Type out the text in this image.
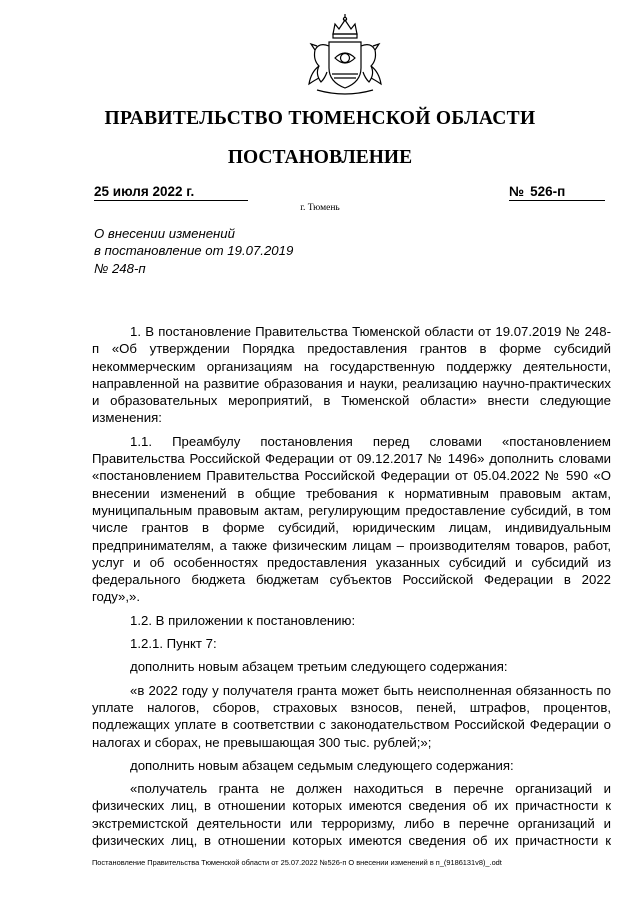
ПРАВИТЕЛЬСТВО ТЮМЕНСКОЙ ОБЛАСТИ
ПОСТАНОВЛЕНИЕ
25 июля 2022 г.	№ 526-п
г. Тюмень
О внесении изменений
в постановление от 19.07.2019
№ 248-п

1. В постановление Правительства Тюменской области от 19.07.2019 № 248-п «Об утверждении Порядка предоставления грантов в форме субсидий некоммерческим организациям на государственную поддержку деятельности, направленной на развитие образования и науки, реализацию научно-практических и образовательных мероприятий, в Тюменской области» внести следующие изменения:

1.1. Преамбулу постановления перед словами «постановлением Правительства Российской Федерации от 09.12.2017 № 1496» дополнить словами «постановлением Правительства Российской Федерации от 05.04.2022 № 590 «О внесении изменений в общие требования к нормативным правовым актам, муниципальным правовым актам, регулирующим предоставление субсидий, в том числе грантов в форме субсидий, юридическим лицам, индивидуальным предпринимателям, а также физическим лицам – производителям товаров, работ, услуг и об особенностях предоставления указанных субсидий и субсидий из федерального бюджета бюджетам субъектов Российской Федерации в 2022 году»,».

1.2. В приложении к постановлению:

1.2.1. Пункт 7:

дополнить новым абзацем третьим следующего содержания:

«в 2022 году у получателя гранта может быть неисполненная обязанность по уплате налогов, сборов, страховых взносов, пеней, штрафов, процентов, подлежащих уплате в соответствии с законодательством Российской Федерации о налогах и сборах, не превышающая 300 тыс. рублей;»;

дополнить новым абзацем седьмым следующего содержания:

«получатель гранта не должен находиться в перечне организаций и физических лиц, в отношении которых имеются сведения об их причастности к экстремистской деятельности или терроризму, либо в перечне организаций и физических лиц, в отношении которых имеются сведения об их причастности к

Постановление Правительства Тюменской области от 25.07.2022 №526-п О внесении изменений в п_(9186131v8)_.odt
